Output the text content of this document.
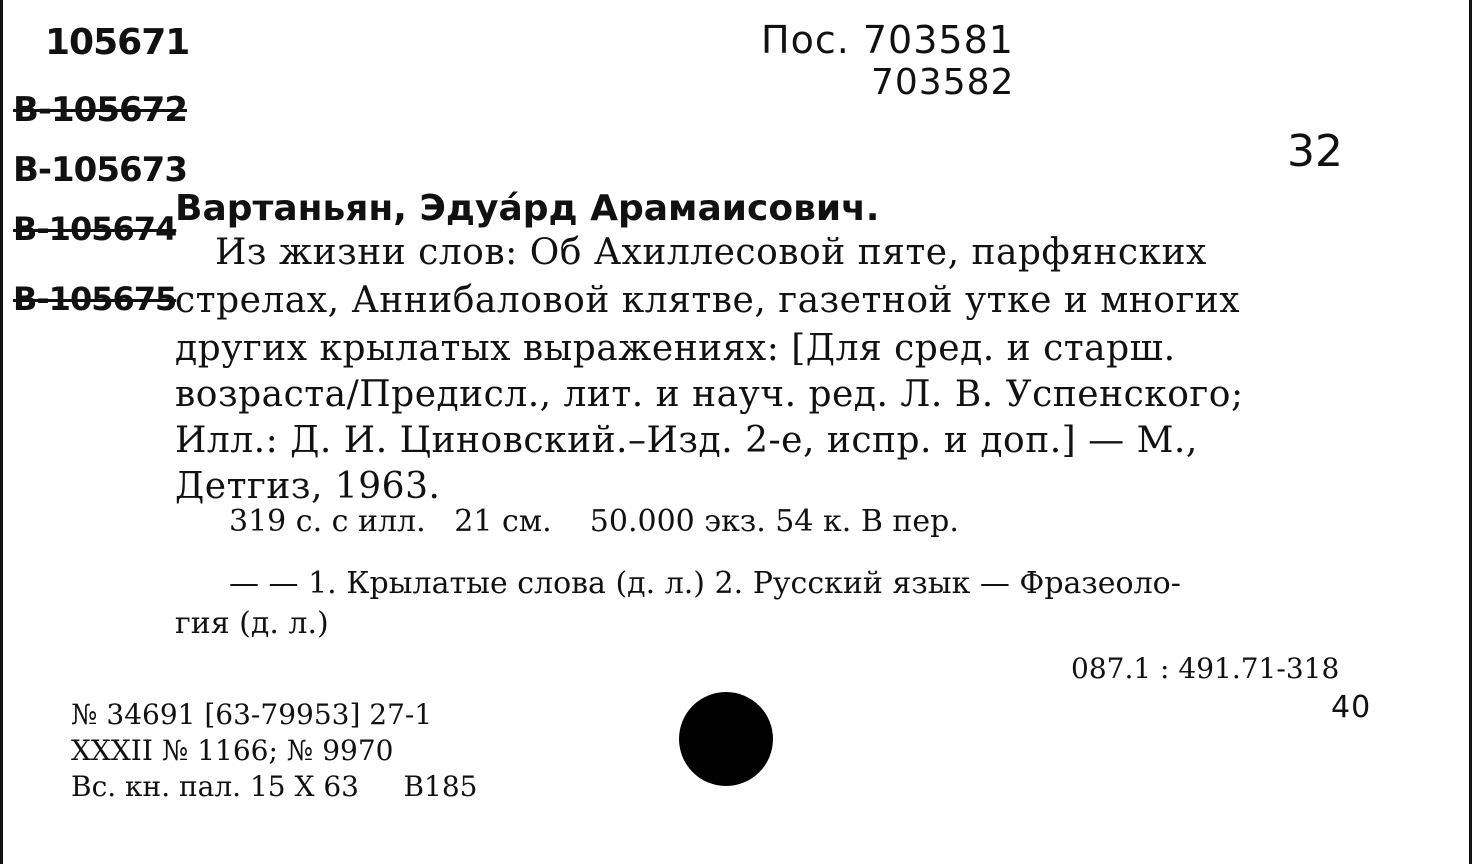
105671
В-105672
В-105673
В-105674
В-105675
Пос. 703581
703582
32
Вартаньян, Эдуа́рд Арамаисович.
Из жизни слов: Об Ахиллесовой пяте, парфянских
стрелах, Аннибаловой клятве, газетной утке и многих
других крылатых выражениях: [Для сред. и старш.
возраста/Предисл., лит. и науч. ред. Л. В. Успенского;
Илл.: Д. И. Циновский.–Изд. 2-е, испр. и доп.] — М.,
Детгиз, 1963.
319 с. с илл.   21 см.    50.000 экз. 54 к. В пер.
— — 1. Крылатые слова (д. л.) 2. Русский язык — Фразеоло-
гия (д. л.)
087.1 : 491.71-318
40
№ 34691 [63-79953] 27-1
XXXII № 1166; № 9970
Вс. кн. пал. 15 X 63     В185
